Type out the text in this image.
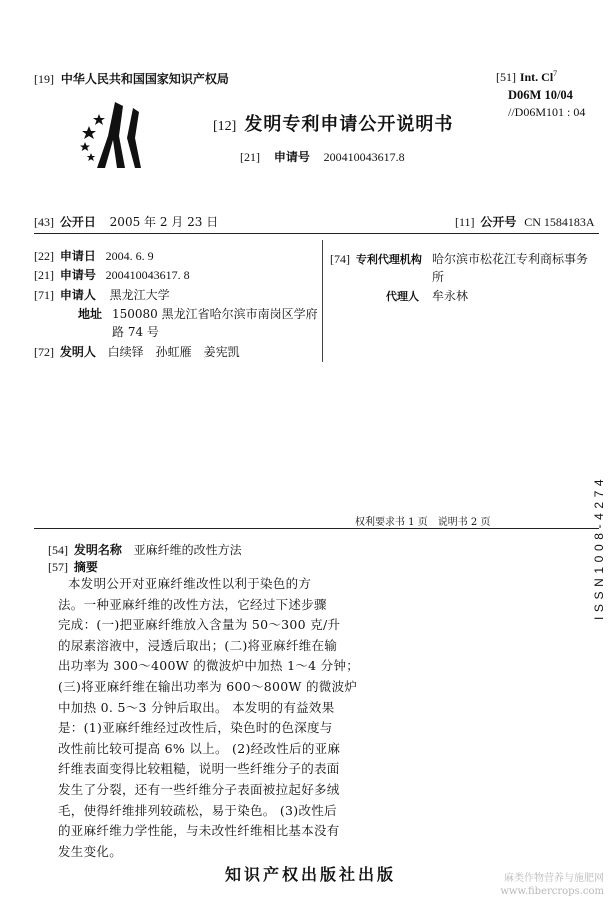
[19] 中华人民共和国国家知识产权局	[51] Int. Cl$^7$
D06M 10/04
//D06M101 : 04
[12] 发明专利申请公开说明书
[21] 申请号 200410043617.8
[43] 公开日 2005 年 2 月 23 日	[11] 公开号 CN 1584183A
[22] 申请日 2004. 6. 9
[21] 申请号 200410043617. 8
[71] 申请人 黑龙江大学
地址 150080 黑龙江省哈尔滨市南岗区学府
路 74 号
[72] 发明人 白续铎　孙虹雁　姜宪凯
[74] 专利代理机构 哈尔滨市松花江专利商标事务
所
代理人 牟永林
权利要求书 1 页　说明书 2 页
[54] 发明名称 亚麻纤维的改性方法
[57] 摘要
本发明公开对亚麻纤维改性以利于染色的方
法。一种亚麻纤维的改性方法，它经过下述步骤
完成：(一)把亚麻纤维放入含量为 50～300 克/升
的尿素溶液中，浸透后取出；(二)将亚麻纤维在输
出功率为 300～400W 的微波炉中加热 1～4 分钟；
(三)将亚麻纤维在输出功率为 600～800W 的微波炉
中加热 0. 5～3 分钟后取出。 本发明的有益效果
是：(1)亚麻纤维经过改性后，染色时的色深度与
改性前比较可提高 6% 以上。 (2)经改性后的亚麻
纤维表面变得比较粗糙，说明一些纤维分子的表面
发生了分裂，还有一些纤维分子表面被拉起好多绒
毛，使得纤维排列较疏松，易于染色。 (3)改性后
的亚麻纤维力学性能，与未改性纤维相比基本没有
发生变化。
ISSN1008-4274
知识产权出版社出版	麻类作物营养与施肥网 www.fibercrops.com
